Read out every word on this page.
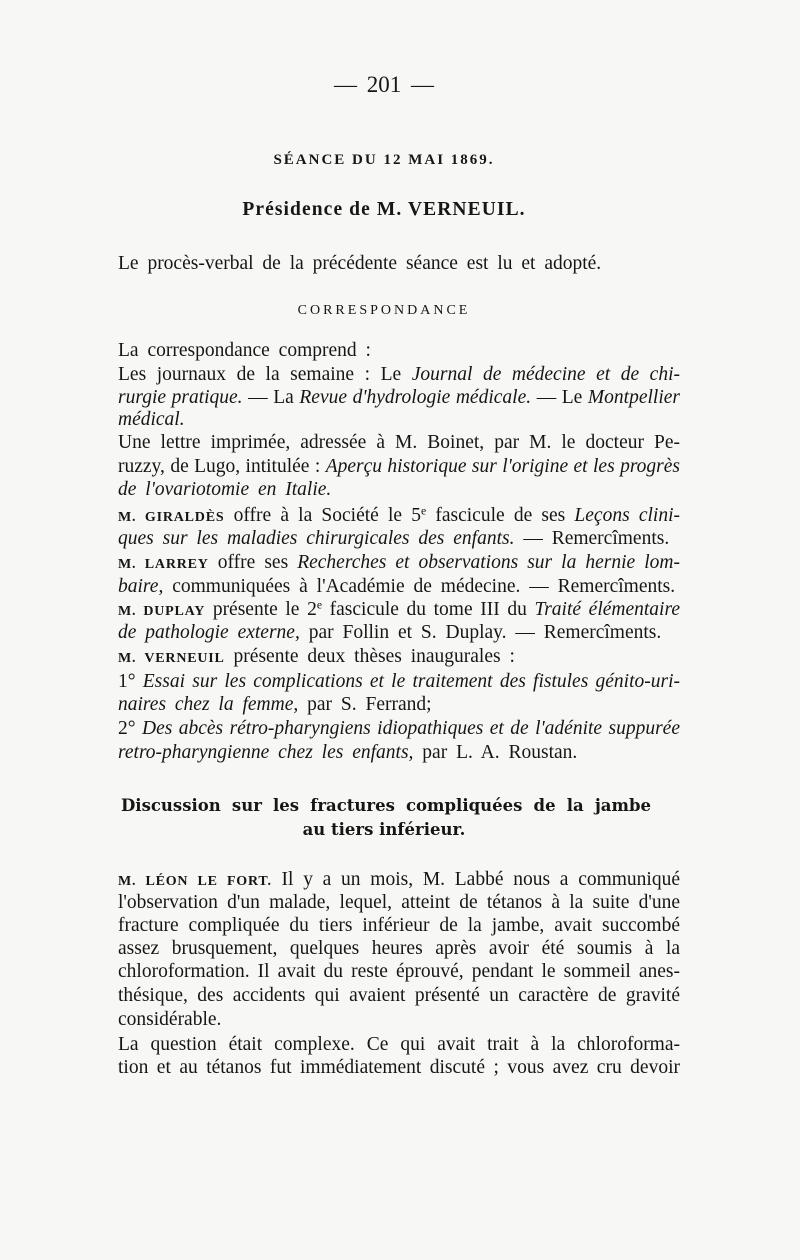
— 201 —
SÉANCE DU 12 MAI 1869.
Présidence de M. VERNEUIL.
Le procès-verbal de la précédente séance est lu et adopté.
CORRESPONDANCE
La correspondance comprend :
Les journaux de la semaine : Le Journal de médecine et de chi-
rurgie pratique. — La Revue d'hydrologie médicale. — Le Montpellier
médical.
Une lettre imprimée, adressée à M. Boinet, par M. le docteur Pe-
ruzzy, de Lugo, intitulée : Aperçu historique sur l'origine et les progrès
de l'ovariotomie en Italie.
M. GIRALDÈS offre à la Société le 5e fascicule de ses Leçons clini-
ques sur les maladies chirurgicales des enfants. — Remercîments.
M. LARREY offre ses Recherches et observations sur la hernie lom-
baire, communiquées à l'Académie de médecine. — Remercîments.
M. DUPLAY présente le 2e fascicule du tome III du Traité élémentaire
de pathologie externe, par Follin et S. Duplay. — Remercîments.
M. VERNEUIL présente deux thèses inaugurales :
1° Essai sur les complications et le traitement des fistules génito-uri-
naires chez la femme, par S. Ferrand;
2° Des abcès rétro-pharyngiens idiopathiques et de l'adénite suppurée
retro-pharyngienne chez les enfants, par L. A. Roustan.
Discussion sur les fractures compliquées de la jambe
au tiers inférieur.
M. LÉON LE FORT. Il y a un mois, M. Labbé nous a communiqué
l'observation d'un malade, lequel, atteint de tétanos à la suite d'une
fracture compliquée du tiers inférieur de la jambe, avait succombé
assez brusquement, quelques heures après avoir été soumis à la
chloroformation. Il avait du reste éprouvé, pendant le sommeil anes-
thésique, des accidents qui avaient présenté un caractère de gravité
considérable.
La question était complexe. Ce qui avait trait à la chloroforma-
tion et au tétanos fut immédiatement discuté ; vous avez cru devoir
